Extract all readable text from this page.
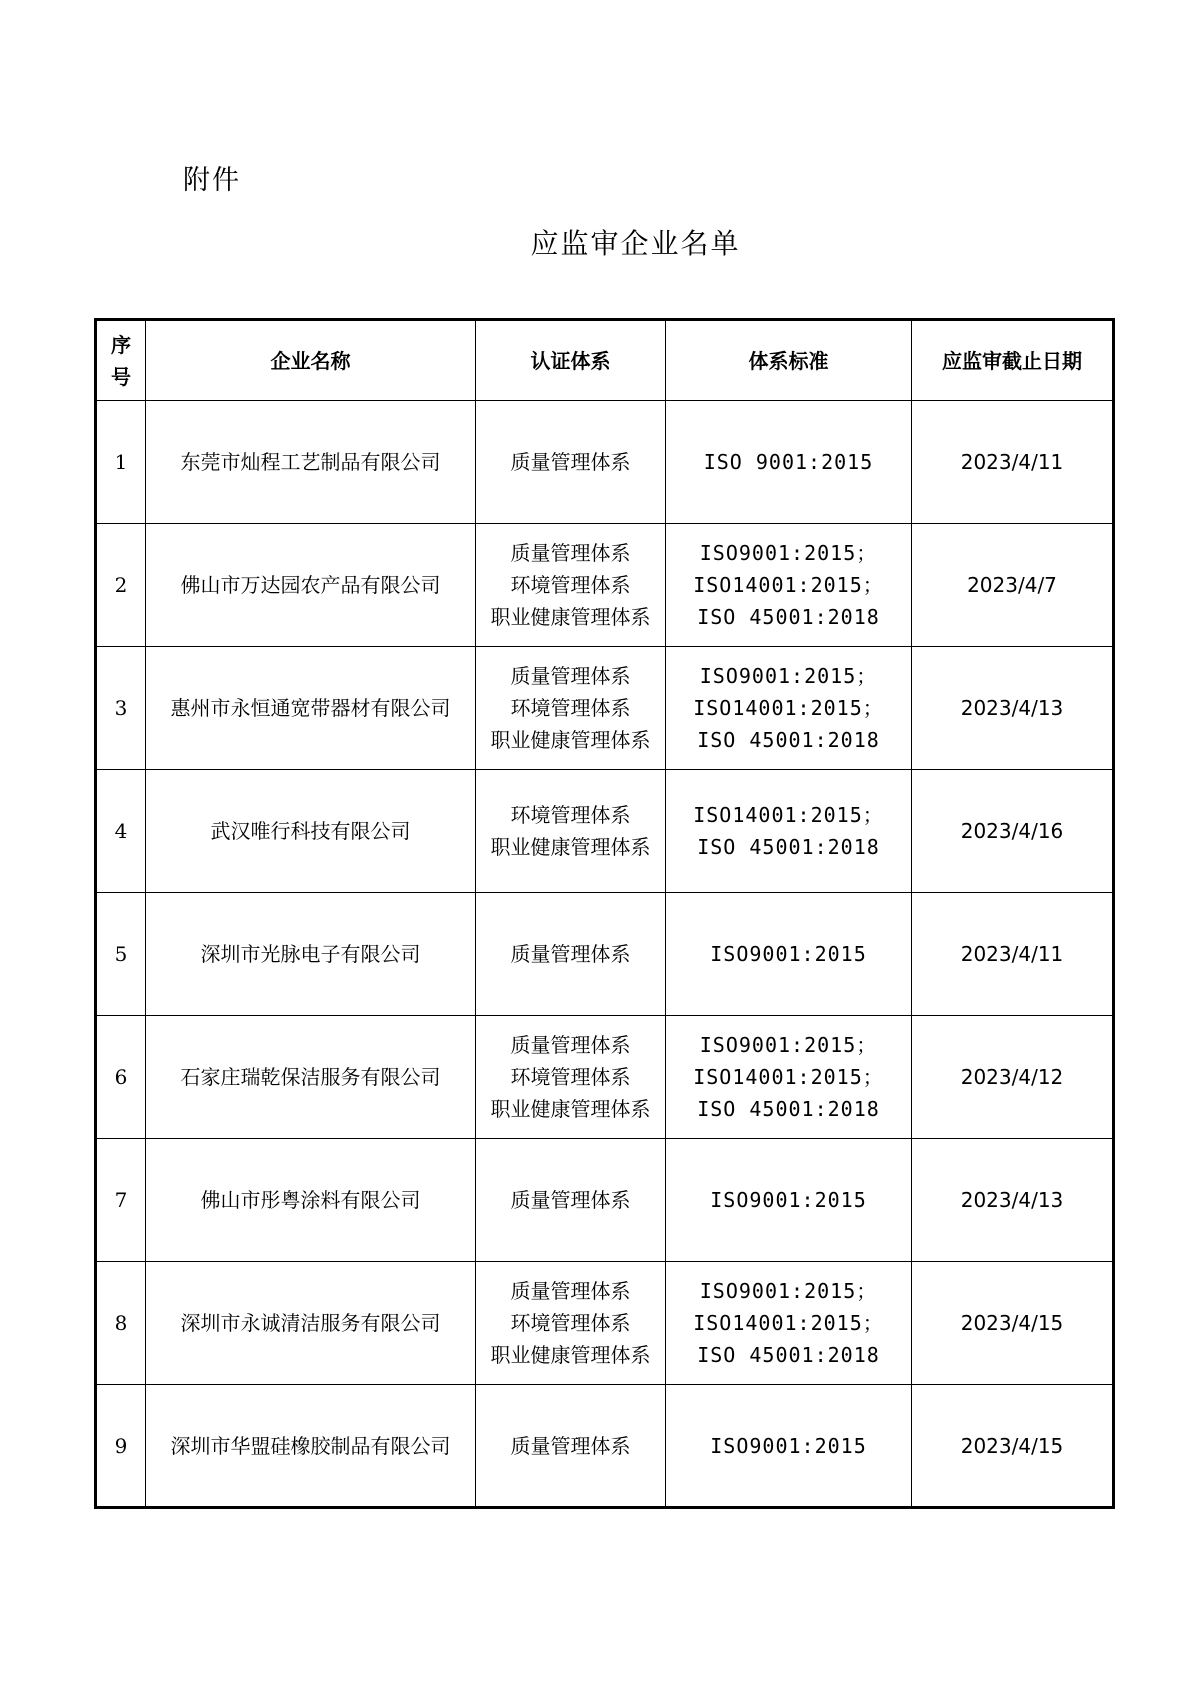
附件
应监审企业名单
序号	企业名称	认证体系	体系标准	应监审截止日期
1	东莞市灿程工艺制品有限公司	质量管理体系	ISO 9001:2015	2023/4/11
2	佛山市万达园农产品有限公司	质量管理体系
环境管理体系
职业健康管理体系	ISO9001:2015；
ISO14001:2015；
ISO 45001:2018	2023/4/7
3	惠州市永恒通宽带器材有限公司	质量管理体系
环境管理体系
职业健康管理体系	ISO9001:2015；
ISO14001:2015；
ISO 45001:2018	2023/4/13
4	武汉唯行科技有限公司	环境管理体系
职业健康管理体系	ISO14001:2015；
ISO 45001:2018	2023/4/16
5	深圳市光脉电子有限公司	质量管理体系	ISO9001:2015	2023/4/11
6	石家庄瑞乾保洁服务有限公司	质量管理体系
环境管理体系
职业健康管理体系	ISO9001:2015；
ISO14001:2015；
ISO 45001:2018	2023/4/12
7	佛山市彤粤涂料有限公司	质量管理体系	ISO9001:2015	2023/4/13
8	深圳市永诚清洁服务有限公司	质量管理体系
环境管理体系
职业健康管理体系	ISO9001:2015；
ISO14001:2015；
ISO 45001:2018	2023/4/15
9	深圳市华盟硅橡胶制品有限公司	质量管理体系	ISO9001:2015	2023/4/15
